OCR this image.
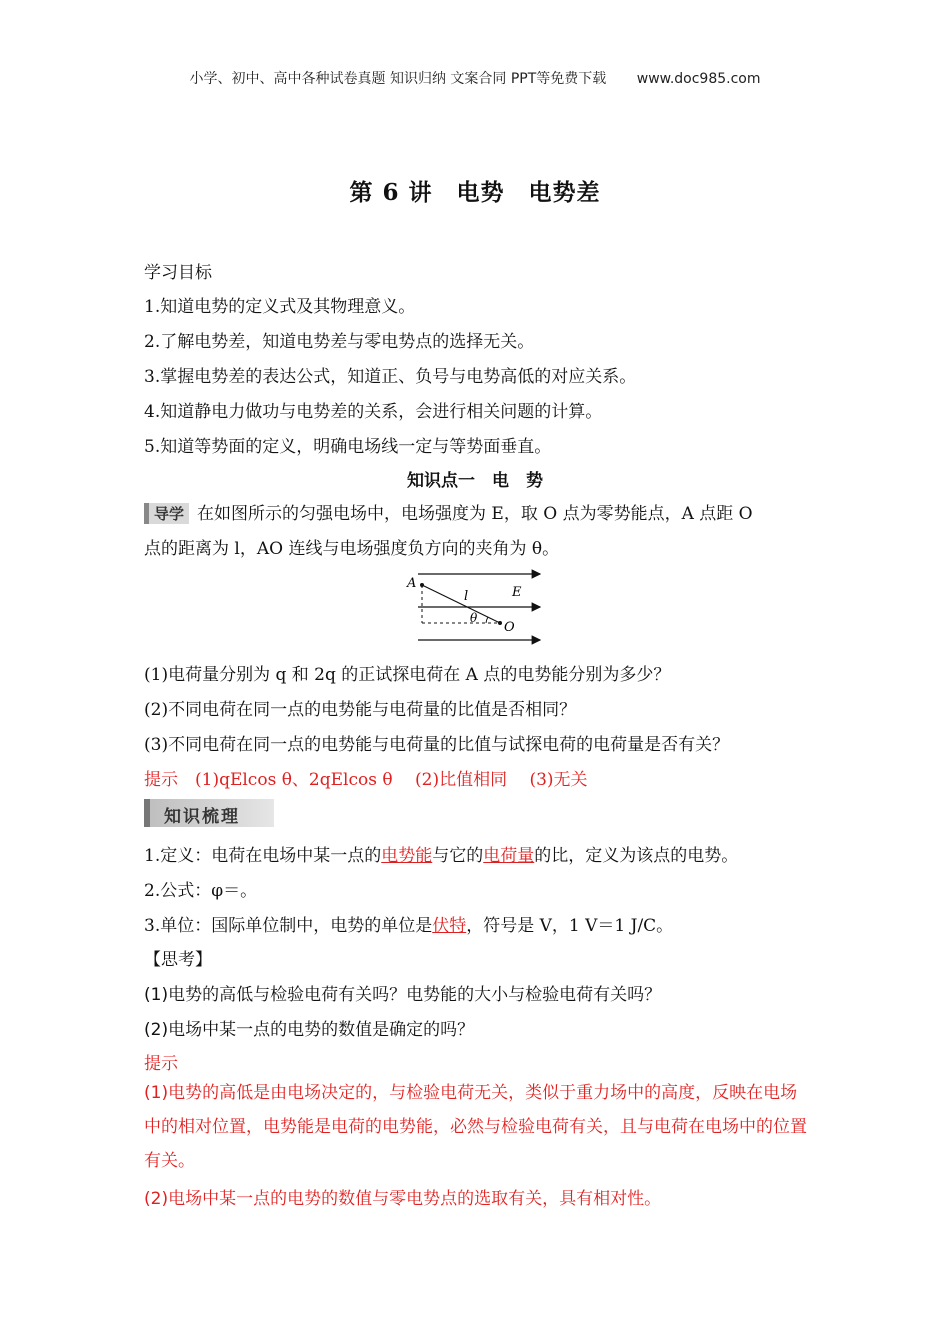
小学、初中、高中各种试卷真题 知识归纳 文案合同 PPT等免费下载 www.doc985.com
第 6 讲　电势　电势差
学习目标
1.知道电势的定义式及其物理意义。
2.了解电势差，知道电势差与零电势点的选择无关。
3.掌握电势差的表达公式，知道正、负号与电势高低的对应关系。
4.知道静电力做功与电势差的关系，会进行相关问题的计算。
5.知道等势面的定义，明确电场线一定与等势面垂直。
知识点一　电　势
导学 在如图所示的匀强电场中，电场强度为 E，取 O 点为零势能点，A 点距 O
点的距离为 l，AO 连线与电场强度负方向的夹角为 θ。
A
l	E
θ
O
(1)电荷量分别为 q 和 2q 的正试探电荷在 A 点的电势能分别为多少？
(2)不同电荷在同一点的电势能与电荷量的比值是否相同？
(3)不同电荷在同一点的电势能与电荷量的比值与试探电荷的电荷量是否有关？
提示　(1)qElcos θ、2qElcos θ　 (2)比值相同　 (3)无关
知识梳理
1.定义：电荷在电场中某一点的电势能与它的电荷量的比，定义为该点的电势。
2.公式：φ＝。
3.单位：国际单位制中，电势的单位是伏特，符号是 V，1 V＝1 J/C。
【思考】
(1)电势的高低与检验电荷有关吗？电势能的大小与检验电荷有关吗？
(2)电场中某一点的电势的数值是确定的吗？
提示
(1)电势的高低是由电场决定的，与检验电荷无关，类似于重力场中的高度，反映在电场中的相对位置，电势能是电荷的电势能，必然与检验电荷有关，且与电荷在电场中的位置有关。
(2)电场中某一点的电势的数值与零电势点的选取有关，具有相对性。
